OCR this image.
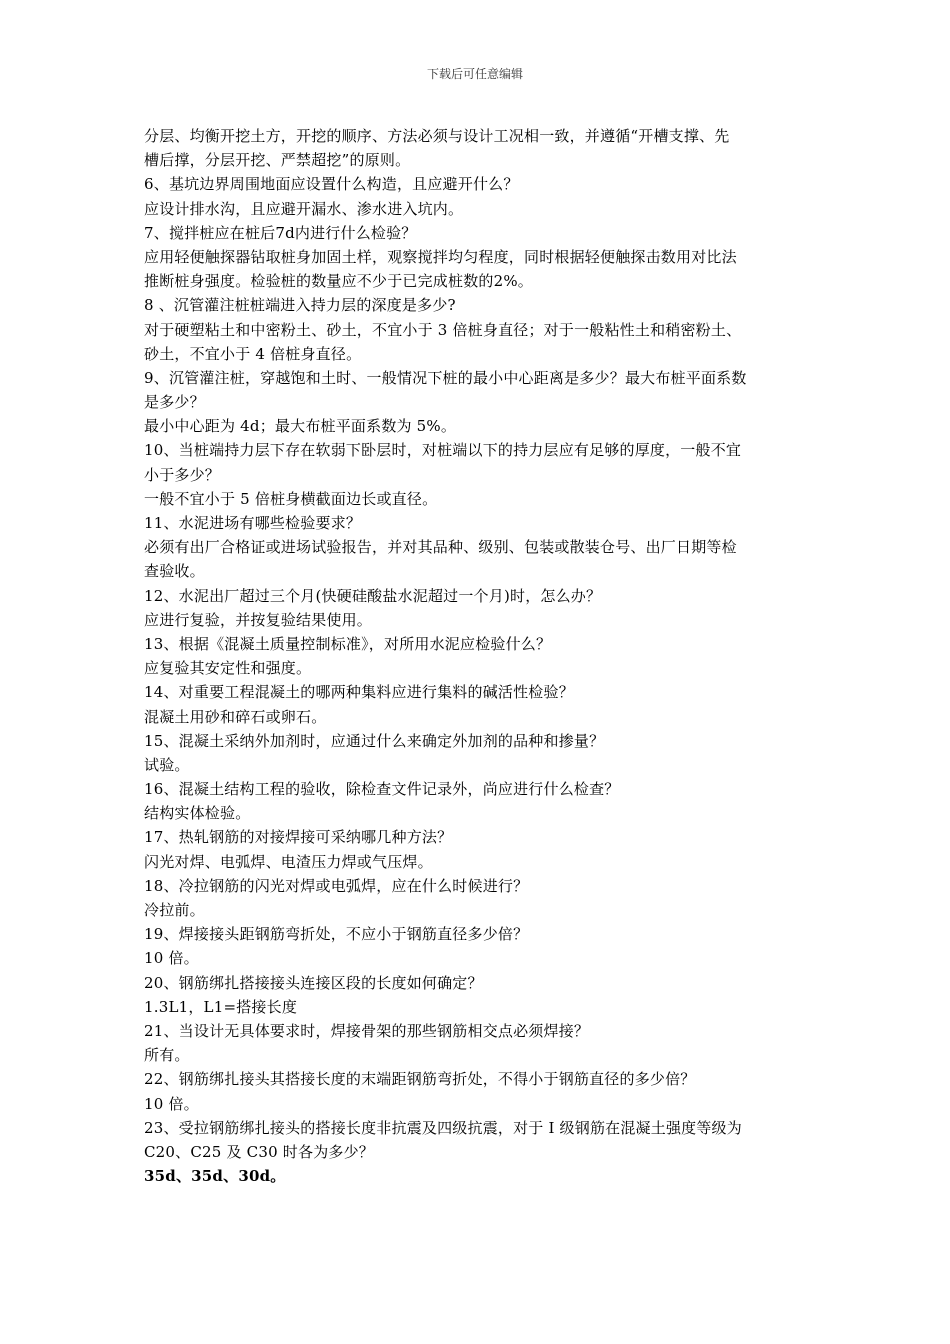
下载后可任意编辑
分层、均衡开挖土方，开挖的顺序、方法必须与设计工况相一致，并遵循“开槽支撑、先
槽后撑，分层开挖、严禁超挖”的原则。
6、基坑边界周围地面应设置什么构造，且应避开什么？
应设计排水沟，且应避开漏水、渗水进入坑内。
7、搅拌桩应在桩后7d内进行什么检验？
应用轻便触探器钻取桩身加固土样，观察搅拌均匀程度，同时根据轻便触探击数用对比法
推断桩身强度。检验桩的数量应不少于已完成桩数的2%。
8 、沉管灌注桩桩端进入持力层的深度是多少?
对于硬塑粘土和中密粉土、砂土，不宜小于 3 倍桩身直径；对于一般粘性土和稍密粉土、
砂土，不宜小于 4 倍桩身直径。
9、沉管灌注桩，穿越饱和土时、一般情况下桩的最小中心距离是多少？最大布桩平面系数
是多少？
最小中心距为 4d；最大布桩平面系数为 5%。
10、当桩端持力层下存在软弱下卧层时，对桩端以下的持力层应有足够的厚度，一般不宜
小于多少？
一般不宜小于 5 倍桩身横截面边长或直径。
11、水泥进场有哪些检验要求？
必须有出厂合格证或进场试验报告，并对其品种、级别、包装或散装仓号、出厂日期等检
查验收。
12、水泥出厂超过三个月(快硬硅酸盐水泥超过一个月)时，怎么办？
应进行复验，并按复验结果使用。
13、根据《混凝土质量控制标准》，对所用水泥应检验什么？
应复验其安定性和强度。
14、对重要工程混凝土的哪两种集料应进行集料的碱活性检验？
混凝土用砂和碎石或卵石。
15、混凝土采纳外加剂时，应通过什么来确定外加剂的品种和掺量？
试验。
16、混凝土结构工程的验收，除检查文件记录外，尚应进行什么检查？
结构实体检验。
17、热轧钢筋的对接焊接可采纳哪几种方法？
闪光对焊、电弧焊、电渣压力焊或气压焊。
18、冷拉钢筋的闪光对焊或电弧焊，应在什么时候进行？
冷拉前。
19、焊接接头距钢筋弯折处，不应小于钢筋直径多少倍？
10 倍。
20、钢筋绑扎搭接接头连接区段的长度如何确定？
1.3L1，L1=搭接长度
21、当设计无具体要求时，焊接骨架的那些钢筋相交点必须焊接？
所有。
22、钢筋绑扎接头其搭接长度的末端距钢筋弯折处，不得小于钢筋直径的多少倍？
10 倍。
23、受拉钢筋绑扎接头的搭接长度非抗震及四级抗震，对于 I 级钢筋在混凝土强度等级为
C20、C25 及 C30 时各为多少？
35d、35d、30d。
